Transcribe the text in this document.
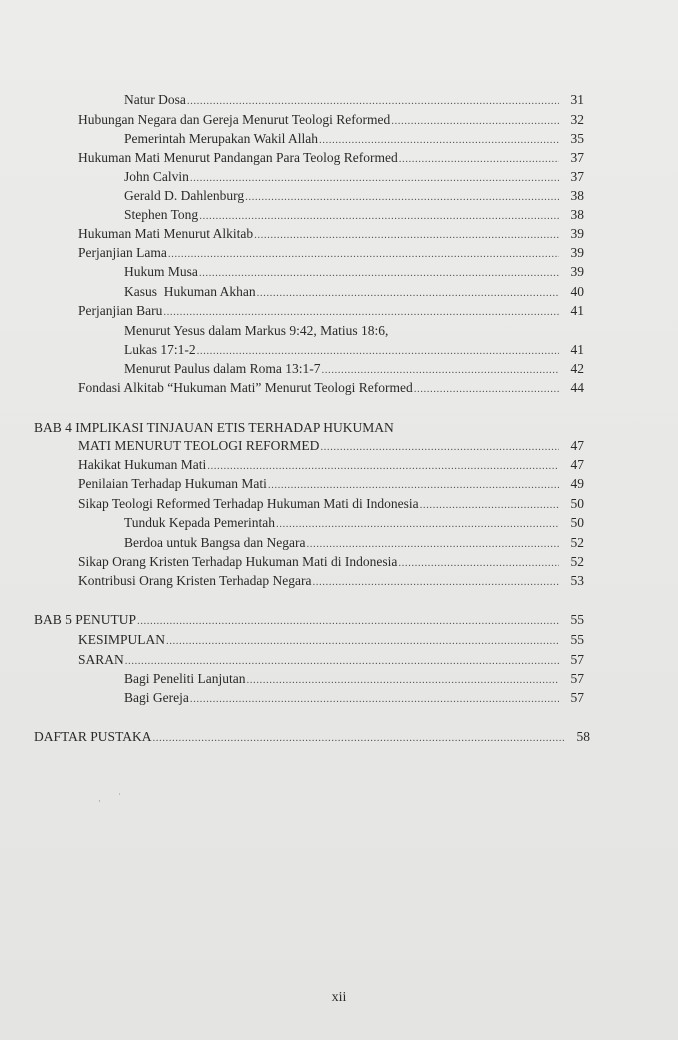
Natur Dosa .....	31
Hubungan Negara dan Gereja Menurut Teologi Reformed .....	32
Pemerintah Merupakan Wakil Allah .....	35
Hukuman Mati Menurut Pandangan Para Teolog Reformed .....	37
John Calvin .....	37
Gerald D. Dahlenburg .....	38
Stephen Tong .....	38
Hukuman Mati Menurut Alkitab .....	39
Perjanjian Lama .....	39
Hukum Musa .....	39
Kasus  Hukuman Akhan .....	40
Perjanjian Baru .....	41
Menurut Yesus dalam Markus 9:42, Matius 18:6,
Lukas 17:1-2 .....	41
Menurut Paulus dalam Roma 13:1-7 .....	42
Fondasi Alkitab “Hukuman Mati” Menurut Teologi Reformed .....	44
BAB 4 IMPLIKASI TINJAUAN ETIS TERHADAP HUKUMAN
MATI MENURUT TEOLOGI REFORMED .....	47
Hakikat Hukuman Mati .....	47
Penilaian Terhadap Hukuman Mati .....	49
Sikap Teologi Reformed Terhadap Hukuman Mati di Indonesia .....	50
Tunduk Kepada Pemerintah .....	50
Berdoa untuk Bangsa dan Negara .....	52
Sikap Orang Kristen Terhadap Hukuman Mati di Indonesia .....	52
Kontribusi Orang Kristen Terhadap Negara .....	53
BAB 5 PENUTUP .....	55
KESIMPULAN .....	55
SARAN .....	57
Bagi Peneliti Lanjutan .....	57
Bagi Gereja .....	57
DAFTAR PUSTAKA .....	58
· ˙
xii
